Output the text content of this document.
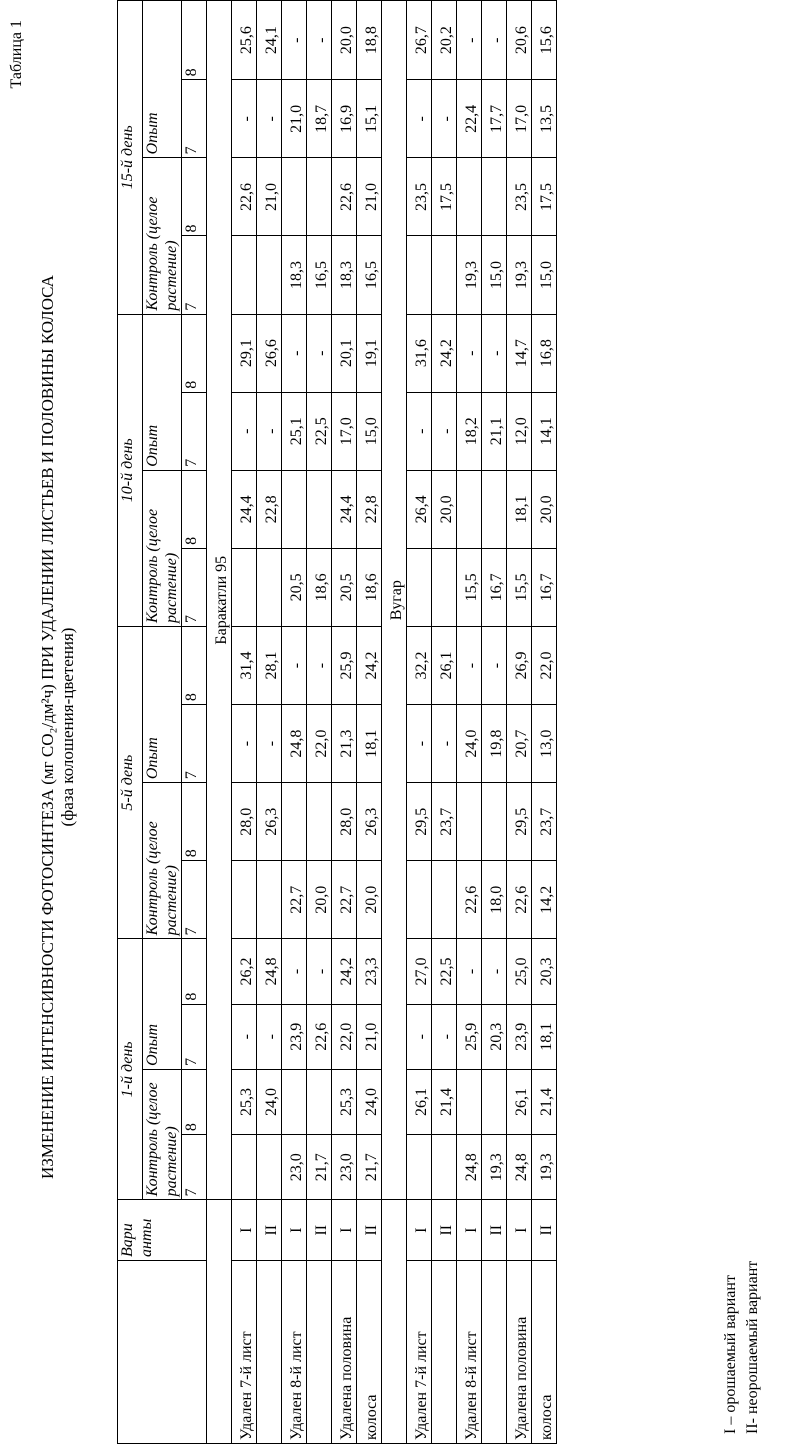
Таблица 1
ИЗМЕНЕНИЕ ИНТЕНСИВНОСТИ ФОТОСИНТЕЗА (мг CO₂/дм²ч) ПРИ УДАЛЕНИИ ЛИСТЬЕВ И ПОЛОВИНЫ КОЛОСА (фаза колошения-цветения)
	Вари анты	1-й день				5-й день				10-й день				15-й день			
		Контроль (целое растение)		Опыт		Контроль (целое растение)		Опыт		Контроль (целое растение)		Опыт		Контроль (целое растение)		Опыт	
		7	8	7	8	7	8	7	8	7	8	7	8	7	8	7	8
		Баракатли 95															
Удален 7-й лист	I		25,3	-	26,2		28,0	-	31,4		24,4	-	29,1		22,6	-	25,6
	II		24,0	-	24,8		26,3	-	28,1		22,8	-	26,6		21,0	-	24,1
Удален 8-й лист	I	23,0		23,9	-	22,7		24,8	-	20,5		25,1	-	18,3		21,0	-
	II	21,7		22,6	-	20,0		22,0	-	18,6		22,5	-	16,5		18,7	-
Удалена половина	I	23,0	25,3	22,0	24,2	22,7	28,0	21,3	25,9	20,5	24,4	17,0	20,1	18,3	22,6	16,9	20,0
колоса	II	21,7	24,0	21,0	23,3	20,0	26,3	18,1	24,2	18,6	22,8	15,0	19,1	16,5	21,0	15,1	18,8
		Вугар															
Удален 7-й лист	I		26,1	-	27,0		29,5	-	32,2		26,4	-	31,6		23,5	-	26,7
	II		21,4	-	22,5		23,7	-	26,1		20,0	-	24,2		17,5	-	20,2
Удален 8-й лист	I	24,8		25,9	-	22,6		24,0	-	15,5		18,2	-	19,3		22,4	-
	II	19,3		20,3	-	18,0		19,8	-	16,7		21,1	-	15,0		17,7	-
Удалена половина	I	24,8	26,1	23,9	25,0	22,6	29,5	20,7	26,9	15,5	18,1	12,0	14,7	19,3	23,5	17,0	20,6
колоса	II	19,3	21,4	18,1	20,3	14,2	23,7	13,0	22,0	16,7	20,0	14,1	16,8	15,0	17,5	13,5	15,6
I – орошаемый вариант II- неорошаемый вариант
